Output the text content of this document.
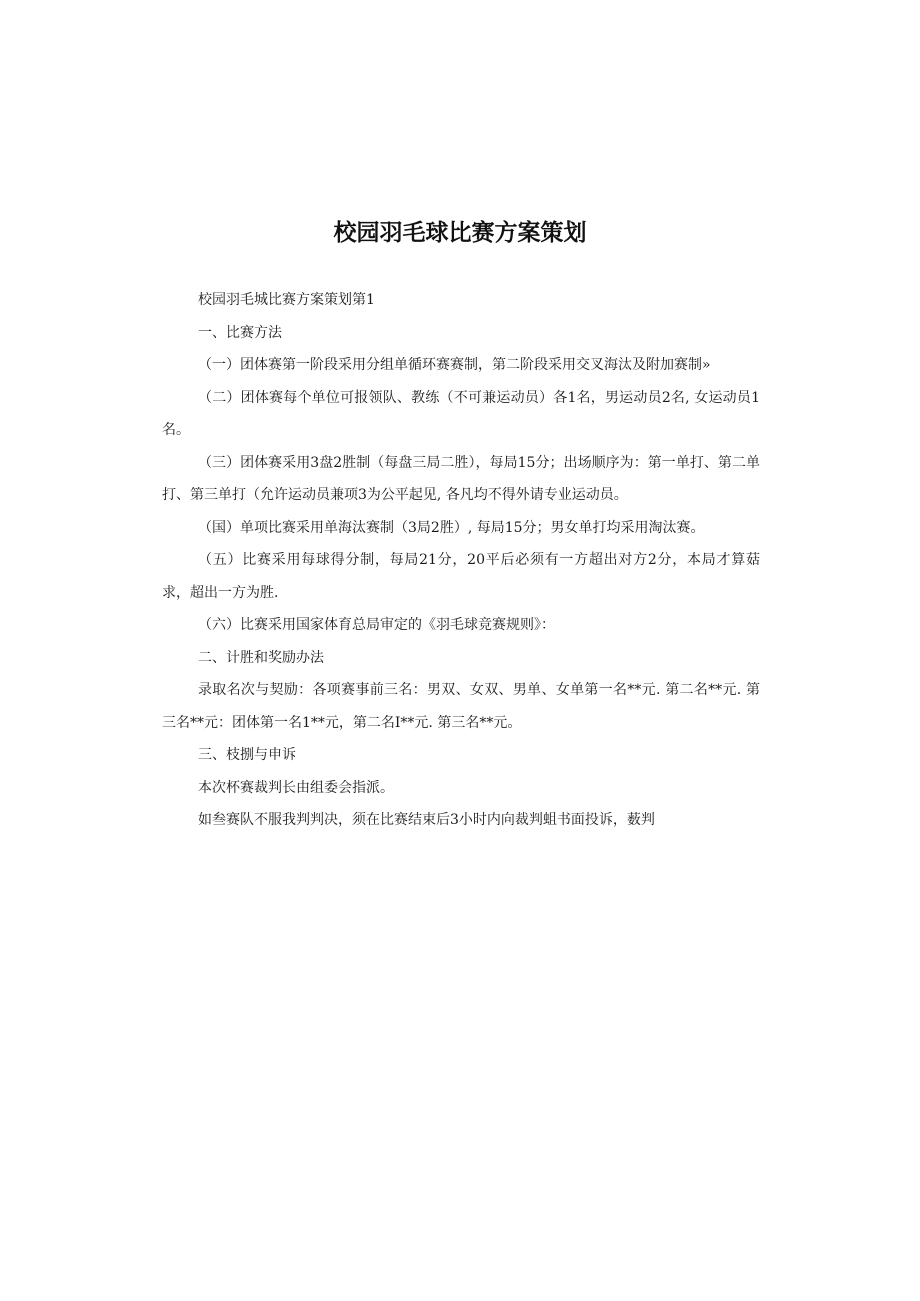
校园羽毛球比赛方案策划

校园羽毛城比赛方案策划第1

一、比赛方法

（一）团体赛第一阶段采用分组单循环赛赛制，第二阶段采用交叉海汰及附加赛制»

（二）团体赛每个单位可报领队、教练（不可兼运动员）各1名，男运动员2名, 女运动员1名。

（三）团体赛采用3盘2胜制（每盘三局二胜），每局15分；出场顺序为：第一单打、第二单打、第三单打（允许运动员兼项3为公平起见, 各凡均不得外请专业运动员。

（国）单项比赛采用单海汰赛制（3局2胜）, 每局15分；男女单打均采用淘汰赛。

（五）比赛采用每球得分制，每局21分，20平后必须有一方超出对方2分，本局才算菇求，超出一方为胜.

（六）比赛采用国家体育总局审定的《羽毛球竞赛规则》：

二、计胜和奖励办法

录取名次与契励：各项赛事前三名：男双、女双、男单、女单第一名**元. 第二名**元. 第三名**元：团体第一名1**元，第二名I**元. 第三名**元。

三、枝捌与申诉

本次杯赛裁判长由组委会指派。

如叁赛队不服我判判决，须在比赛结束后3小时内向裁判蛆书面投诉，薮判
